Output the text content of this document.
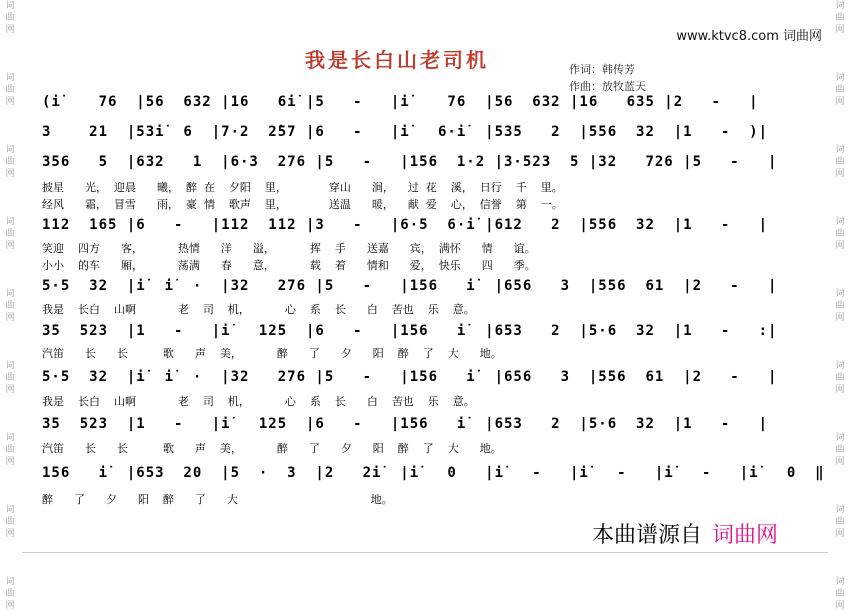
词
曲
网

词
曲
网

词
曲
网

词
曲
网

词
曲
网

词
曲
网

词
曲
网

词
曲
网

词
曲
网
词
曲
网

词
曲
网

词
曲
网

词
曲
网

词
曲
网

词
曲
网

词
曲
网

词
曲
网

词
曲
网
www.ktvc8.com 词曲网
我是长白山老司机	作词：韩传芳
作曲：放牧蓝天
(i̇    76  |56  632 |16   6i̇ |5   -   |i̇    76  |56  632 |16   635 |2   -   |
3    21  |53i̇  6  |7·2  2̇57 |6   -   |i̇   6·i̇  |535   2  |556  32  |1   -  )|
356   5  |632   1  |6·3  276 |5   -   |156  1·2 |3·523  5 |32   726 |5   -   |
披星      光，  迎晨      曦，  醉  在    夕阳    里，            穿山      涧，    过  花    溪，  日行    千    里。
经风      霜，  冒雪      雨，  豪  情    歌声    里，            送温      暖，    献  爱    心，  信誉    第    一。
112  165 |6   -   |112  112 |3   -   |6·5  6·i̇ |612   2  |556  32  |1   -   |
笑迎    四方      客，          热情      洋      溢，          挥    手      送嘉      宾，  满怀      情      谊。
小小    的车      厢，          荡满      春      意，          载    着      情和      爱，  快乐      四      季。
5·5  32  |i̇  i̇  ·  |32   276 |5   -   |156   i̇  |656   3  |556  61  |2   -   |
我是    长白    山啊            老    司    机，          心    系    长      白    苦也    乐    意。
35  523  |1   -   |i̇   125  |6   -   |156   i̇  |653   2  |5·6  32  |1   -   :|
汽笛      长      长          歌      声    美，          醉      了      夕      阳    醉    了    大      地。
5·5  32  |i̇  i̇  ·  |32   276 |5   -   |156   i̇  |656   3  |556  61  |2   -   |
我是    长白    山啊            老    司    机，          心    系    长      白    苦也    乐    意。
35  523  |1   -   |i̇   125  |6   -   |156   i̇  |653   2  |5·6  32  |1   -   |
汽笛      长      长          歌      声    美，          醉      了      夕      阳    醉    了    大      地。
156   i̇  |653  20  |5  ·  3  |2   2i̇  |i̇   0   |i̇   -   |i̇   -   |i̇   -   |i̇   0  ‖
醉      了      夕      阳    醉      了      大                                      地。
本曲谱源自 词曲网
